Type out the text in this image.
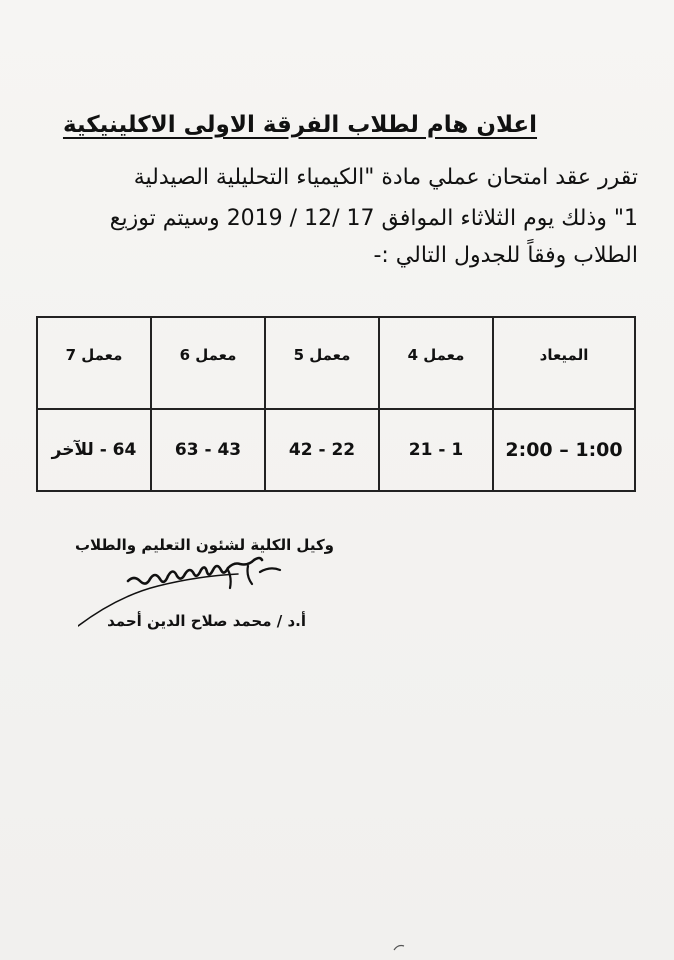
اعلان هام لطلاب الفرقة الاولى الاكلينيكية
تقرر عقد امتحان عملي مادة "الكيمياء التحليلية الصيدلية
1" وذلك يوم الثلاثاء الموافق 17 /12 / 2019 وسيتم توزيع
الطلاب وفقاً للجدول التالي :-
الميعاد	معمل 4	معمل 5	معمل 6	معمل 7
2:00 – 1:00	21 - 1	42 - 22	63 - 43	64 - للآخر
وكيل الكلية لشئون التعليم والطلاب
أ.د / محمد صلاح الدين أحمد
